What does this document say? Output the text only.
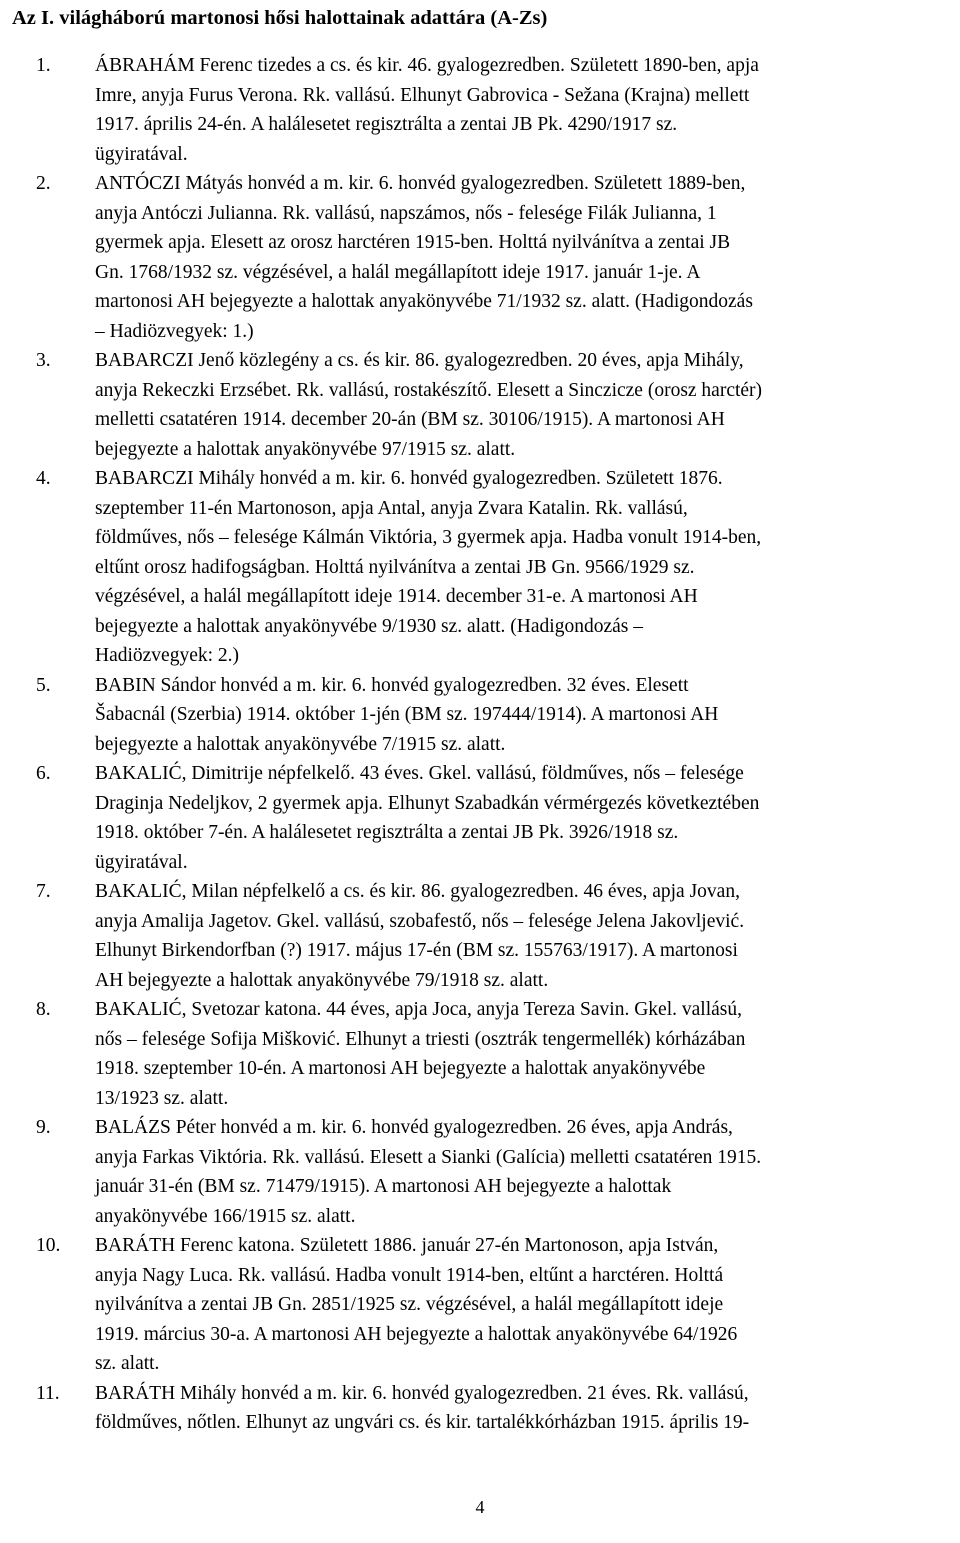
Az I. világháború martonosi hősi halottainak adattára (A-Zs)
1. ÁBRAHÁM Ferenc tizedes a cs. és kir. 46. gyalogezredben. Született 1890-ben, apja
Imre, anyja Furus Verona. Rk. vallású. Elhunyt Gabrovica - Sežana (Krajna) mellett
1917. április 24-én. A halálesetet regisztrálta a zentai JB Pk. 4290/1917 sz.
ügyiratával.
2. ANTÓCZI Mátyás honvéd a m. kir. 6. honvéd gyalogezredben. Született 1889-ben,
anyja Antóczi Julianna. Rk. vallású, napszámos, nős - felesége Filák Julianna, 1
gyermek apja. Elesett az orosz harctéren 1915-ben. Holttá nyilvánítva a zentai JB
Gn. 1768/1932 sz. végzésével, a halál megállapított ideje 1917. január 1-je. A
martonosi AH bejegyezte a halottak anyakönyvébe 71/1932 sz. alatt. (Hadigondozás
– Hadiözvegyek: 1.)
3. BABARCZI Jenő közlegény a cs. és kir. 86. gyalogezredben. 20 éves, apja Mihály,
anyja Rekeczki Erzsébet. Rk. vallású, rostakészítő. Elesett a Sinczicze (orosz harctér)
melletti csatatéren 1914. december 20-án (BM sz. 30106/1915). A martonosi AH
bejegyezte a halottak anyakönyvébe 97/1915 sz. alatt.
4. BABARCZI Mihály honvéd a m. kir. 6. honvéd gyalogezredben. Született 1876.
szeptember 11-én Martonoson, apja Antal, anyja Zvara Katalin. Rk. vallású,
földműves, nős – felesége Kálmán Viktória, 3 gyermek apja. Hadba vonult 1914-ben,
eltűnt orosz hadifogságban. Holttá nyilvánítva a zentai JB Gn. 9566/1929 sz.
végzésével, a halál megállapított ideje 1914. december 31-e. A martonosi AH
bejegyezte a halottak anyakönyvébe 9/1930 sz. alatt. (Hadigondozás –
Hadiözvegyek: 2.)
5. BABIN Sándor honvéd a m. kir. 6. honvéd gyalogezredben. 32 éves. Elesett
Šabacnál (Szerbia) 1914. október 1-jén (BM sz. 197444/1914). A martonosi AH
bejegyezte a halottak anyakönyvébe 7/1915 sz. alatt.
6. BAKALIĆ, Dimitrije népfelkelő. 43 éves. Gkel. vallású, földműves, nős – felesége
Draginja Nedeljkov, 2 gyermek apja. Elhunyt Szabadkán vérmérgezés következtében
1918. október 7-én. A halálesetet regisztrálta a zentai JB Pk. 3926/1918 sz.
ügyiratával.
7. BAKALIĆ, Milan népfelkelő a cs. és kir. 86. gyalogezredben. 46 éves, apja Jovan,
anyja Amalija Jagetov. Gkel. vallású, szobafestő, nős – felesége Jelena Jakovljević.
Elhunyt Birkendorfban (?) 1917. május 17-én (BM sz. 155763/1917). A martonosi
AH bejegyezte a halottak anyakönyvébe 79/1918 sz. alatt.
8. BAKALIĆ, Svetozar katona. 44 éves, apja Joca, anyja Tereza Savin. Gkel. vallású,
nős – felesége Sofija Mišković. Elhunyt a triesti (osztrák tengermellék) kórházában
1918. szeptember 10-én. A martonosi AH bejegyezte a halottak anyakönyvébe
13/1923 sz. alatt.
9. BALÁZS Péter honvéd a m. kir. 6. honvéd gyalogezredben. 26 éves, apja András,
anyja Farkas Viktória. Rk. vallású. Elesett a Sianki (Galícia) melletti csatatéren 1915.
január 31-én (BM sz. 71479/1915). A martonosi AH bejegyezte a halottak
anyakönyvébe 166/1915 sz. alatt.
10. BARÁTH Ferenc katona. Született 1886. január 27-én Martonoson, apja István,
anyja Nagy Luca. Rk. vallású. Hadba vonult 1914-ben, eltűnt a harctéren. Holttá
nyilvánítva a zentai JB Gn. 2851/1925 sz. végzésével, a halál megállapított ideje
1919. március 30-a. A martonosi AH bejegyezte a halottak anyakönyvébe 64/1926
sz. alatt.
11. BARÁTH Mihály honvéd a m. kir. 6. honvéd gyalogezredben. 21 éves. Rk. vallású,
földműves, nőtlen. Elhunyt az ungvári cs. és kir. tartalékkórházban 1915. április 19-
4
